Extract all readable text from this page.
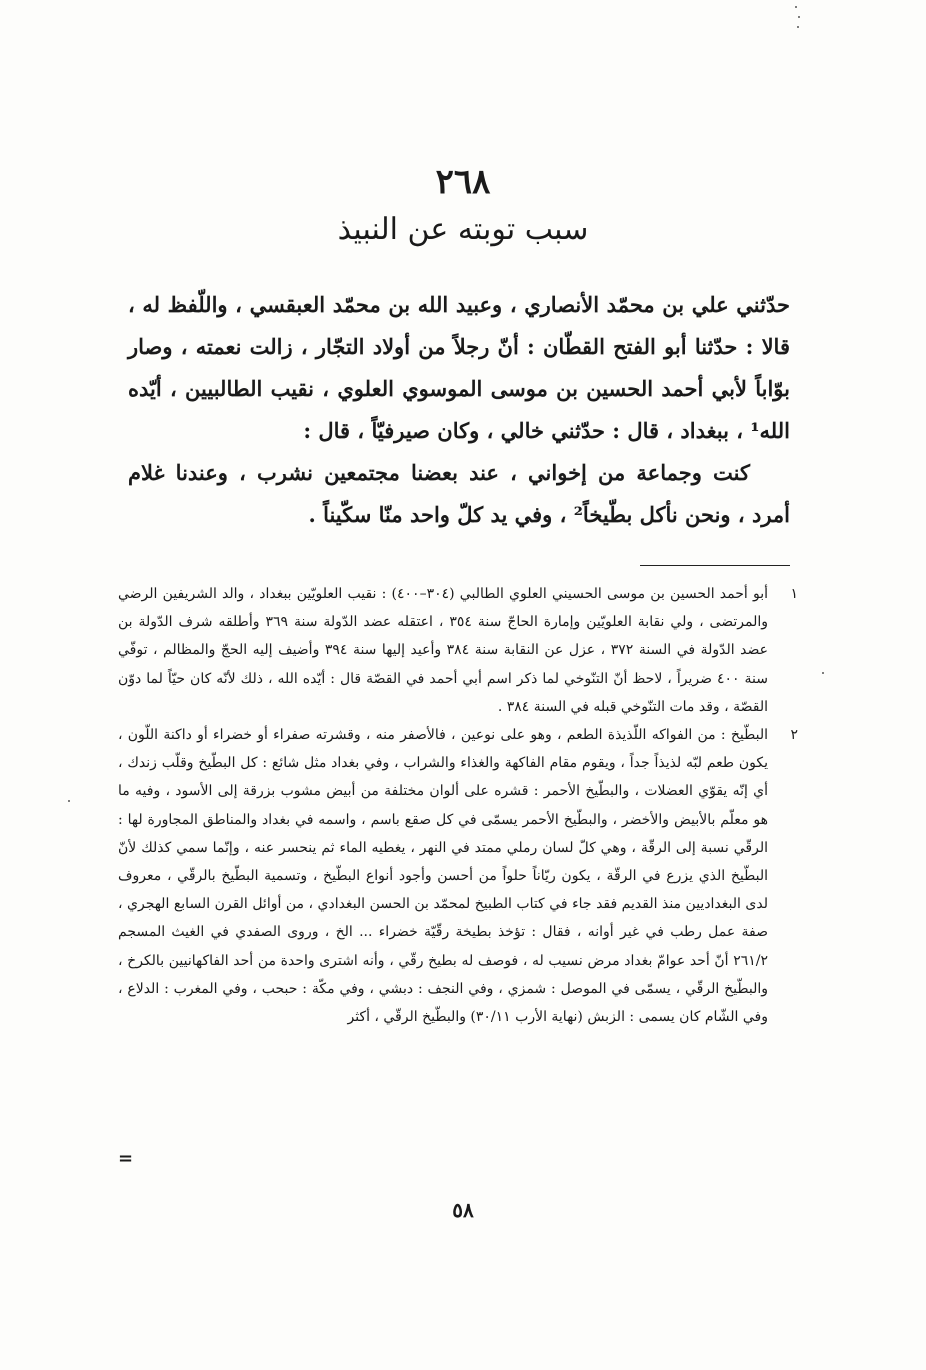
٢٦٨
سبب توبته عن النبيذ

حدّثني علي بن محمّد الأنصاري ، وعبيد الله بن محمّد العبقسي ، واللّفظ له ، قالا : حدّثنا أبو الفتح القطّان : أنّ رجلاً من أولاد التجّار ، زالت نعمته ، وصار بوّاباً لأبي أحمد الحسين بن موسى الموسوي العلوي ، نقيب الطالبيين ، أيّده الله¹ ، ببغداد ، قال : حدّثني خالي ، وكان صيرفيّاً ، قال :

كنت وجماعة من إخواني ، عند بعضنا مجتمعين نشرب ، وعندنا غلام أمرد ، ونحن نأكل بطّيخاً² ، وفي يد كلّ واحد منّا سكّيناً .

١

أبو أحمد الحسين بن موسى الحسيني العلوي الطالبي (٣٠٤–٤٠٠) : نقيب العلويّين ببغداد ، والد الشريفين الرضي والمرتضى ، ولي نقابة العلويّين وإمارة الحاجّ سنة ٣٥٤ ، اعتقله عضد الدّولة سنة ٣٦٩ وأطلقه شرف الدّولة بن عضد الدّولة في السنة ٣٧٢ ، عزل عن النقابة سنة ٣٨٤ وأعيد إليها سنة ٣٩٤ وأضيف إليه الحجّ والمظالم ، توفّي سنة ٤٠٠ ضريراً ، لاحظ أنّ التنّوخي لما ذكر اسم أبي أحمد في القصّة قال : أيّده الله ، ذلك لأنّه كان حيّاً لما دوّن القصّة ، وقد مات التنّوخي قبله في السنة ٣٨٤ .

٢

البطّيخ : من الفواكه اللّذيذة الطعم ، وهو على نوعين ، فالأصفر منه ، وقشرته صفراء أو خضراء أو داكنة اللّون ، يكون طعم لبّه لذيذاً جداً ، ويقوم مقام الفاكهة والغذاء والشراب ، وفي بغداد مثل شائع : كل البطّيخ وقلّب زندك ، أي إنّه يقوّي العضلات ، والبطّيخ الأحمر : قشره على ألوان مختلفة من أبيض مشوب بزرقة إلى الأسود ، وفيه ما هو معلّم بالأبيض والأخضر ، والبطّيخ الأحمر يسمّى في كل صقع باسم ، واسمه في بغداد والمناطق المجاورة لها : الرقّي نسبة إلى الرقّة ، وهي كلّ لسان رملي ممتد في النهر ، يغطيه الماء ثم ينحسر عنه ، وإنّما سمي كذلك لأنّ البطّيخ الذي يزرع في الرقّة ، يكون ريّاناً حلواً من أحسن وأجود أنواع البطّيخ ، وتسمية البطّيخ بالرقّي ، معروف لدى البغداديين منذ القديم فقد جاء في كتاب الطبيخ لمحمّد بن الحسن البغدادي ، من أوائل القرن السابع الهجري ، صفة عمل رطب في غير أوانه ، فقال : تؤخذ بطيخة رقّيّة خضراء ... الخ ، وروى الصفدي في الغيث المسجم ٢٦١/٢ أنّ أحد عوامّ بغداد مرض نسيب له ، فوصف له بطيخ رقّي ، وأنه اشترى واحدة من أحد الفاكهانيين بالكرخ ، والبطّيخ الرقّي ، يسمّى في الموصل : شمزي ، وفي النجف : دبشي ، وفي مكّة : حبحب ، وفي المغرب : الدلاع ، وفي الشّام كان يسمى : الزبش (نهاية الأرب ٣٠/١١) والبطّيخ الرقّي ، أكثر

=
٥٨
